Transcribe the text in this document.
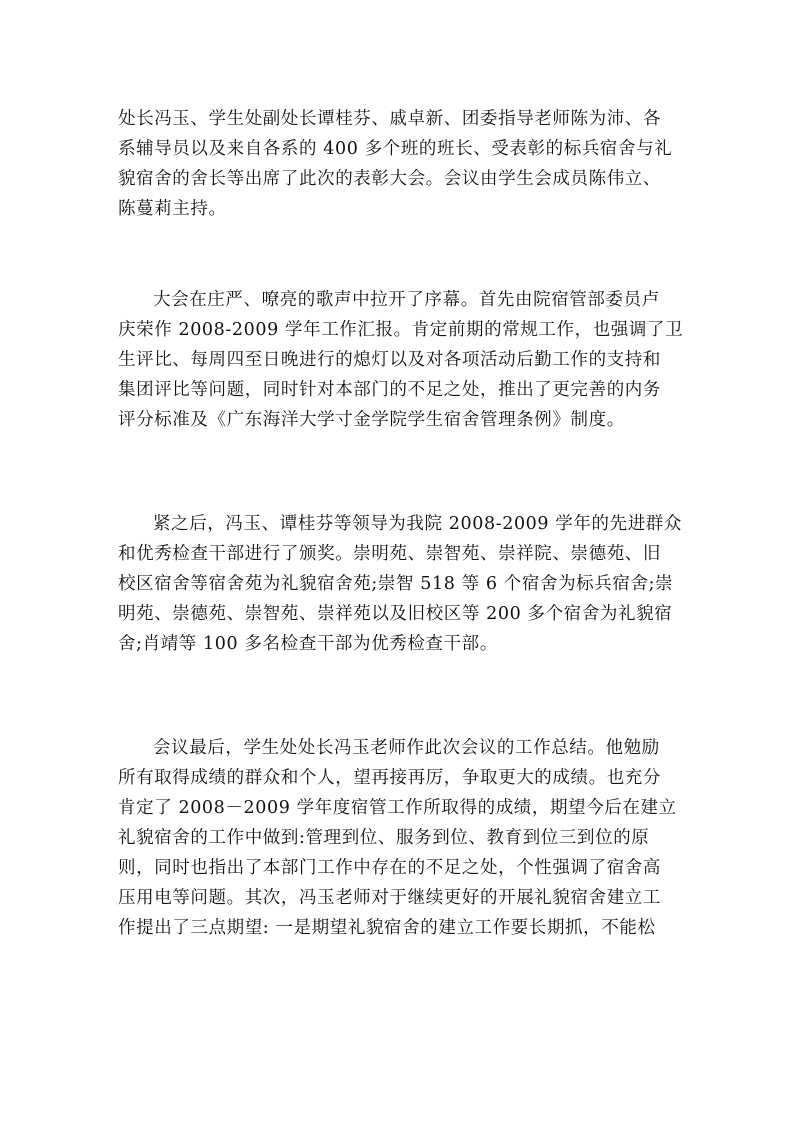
处长冯玉、学生处副处长谭桂芬、戚卓新、团委指导老师陈为沛、各
系辅导员以及来自各系的 400 多个班的班长、受表彰的标兵宿舍与礼
貌宿舍的舍长等出席了此次的表彰大会。会议由学生会成员陈伟立、
陈蔓莉主持。
大会在庄严、嘹亮的歌声中拉开了序幕。首先由院宿管部委员卢
庆荣作 2008-2009 学年工作汇报。肯定前期的常规工作，也强调了卫
生评比、每周四至日晚进行的熄灯以及对各项活动后勤工作的支持和
集团评比等问题，同时针对本部门的不足之处，推出了更完善的内务
评分标准及《广东海洋大学寸金学院学生宿舍管理条例》制度。
紧之后，冯玉、谭桂芬等领导为我院 2008-2009 学年的先进群众
和优秀检查干部进行了颁奖。崇明苑、崇智苑、崇祥院、崇德苑、旧
校区宿舍等宿舍苑为礼貌宿舍苑;崇智 518 等 6 个宿舍为标兵宿舍;崇
明苑、崇德苑、崇智苑、崇祥苑以及旧校区等 200 多个宿舍为礼貌宿
舍;肖靖等 100 多名检查干部为优秀检查干部。
会议最后，学生处处长冯玉老师作此次会议的工作总结。他勉励
所有取得成绩的群众和个人，望再接再厉，争取更大的成绩。也充分
肯定了 2008－2009 学年度宿管工作所取得的成绩，期望今后在建立
礼貌宿舍的工作中做到:管理到位、服务到位、教育到位三到位的原
则，同时也指出了本部门工作中存在的不足之处，个性强调了宿舍高
压用电等问题。其次，冯玉老师对于继续更好的开展礼貌宿舍建立工
作提出了三点期望: 一是期望礼貌宿舍的建立工作要长期抓，不能松
